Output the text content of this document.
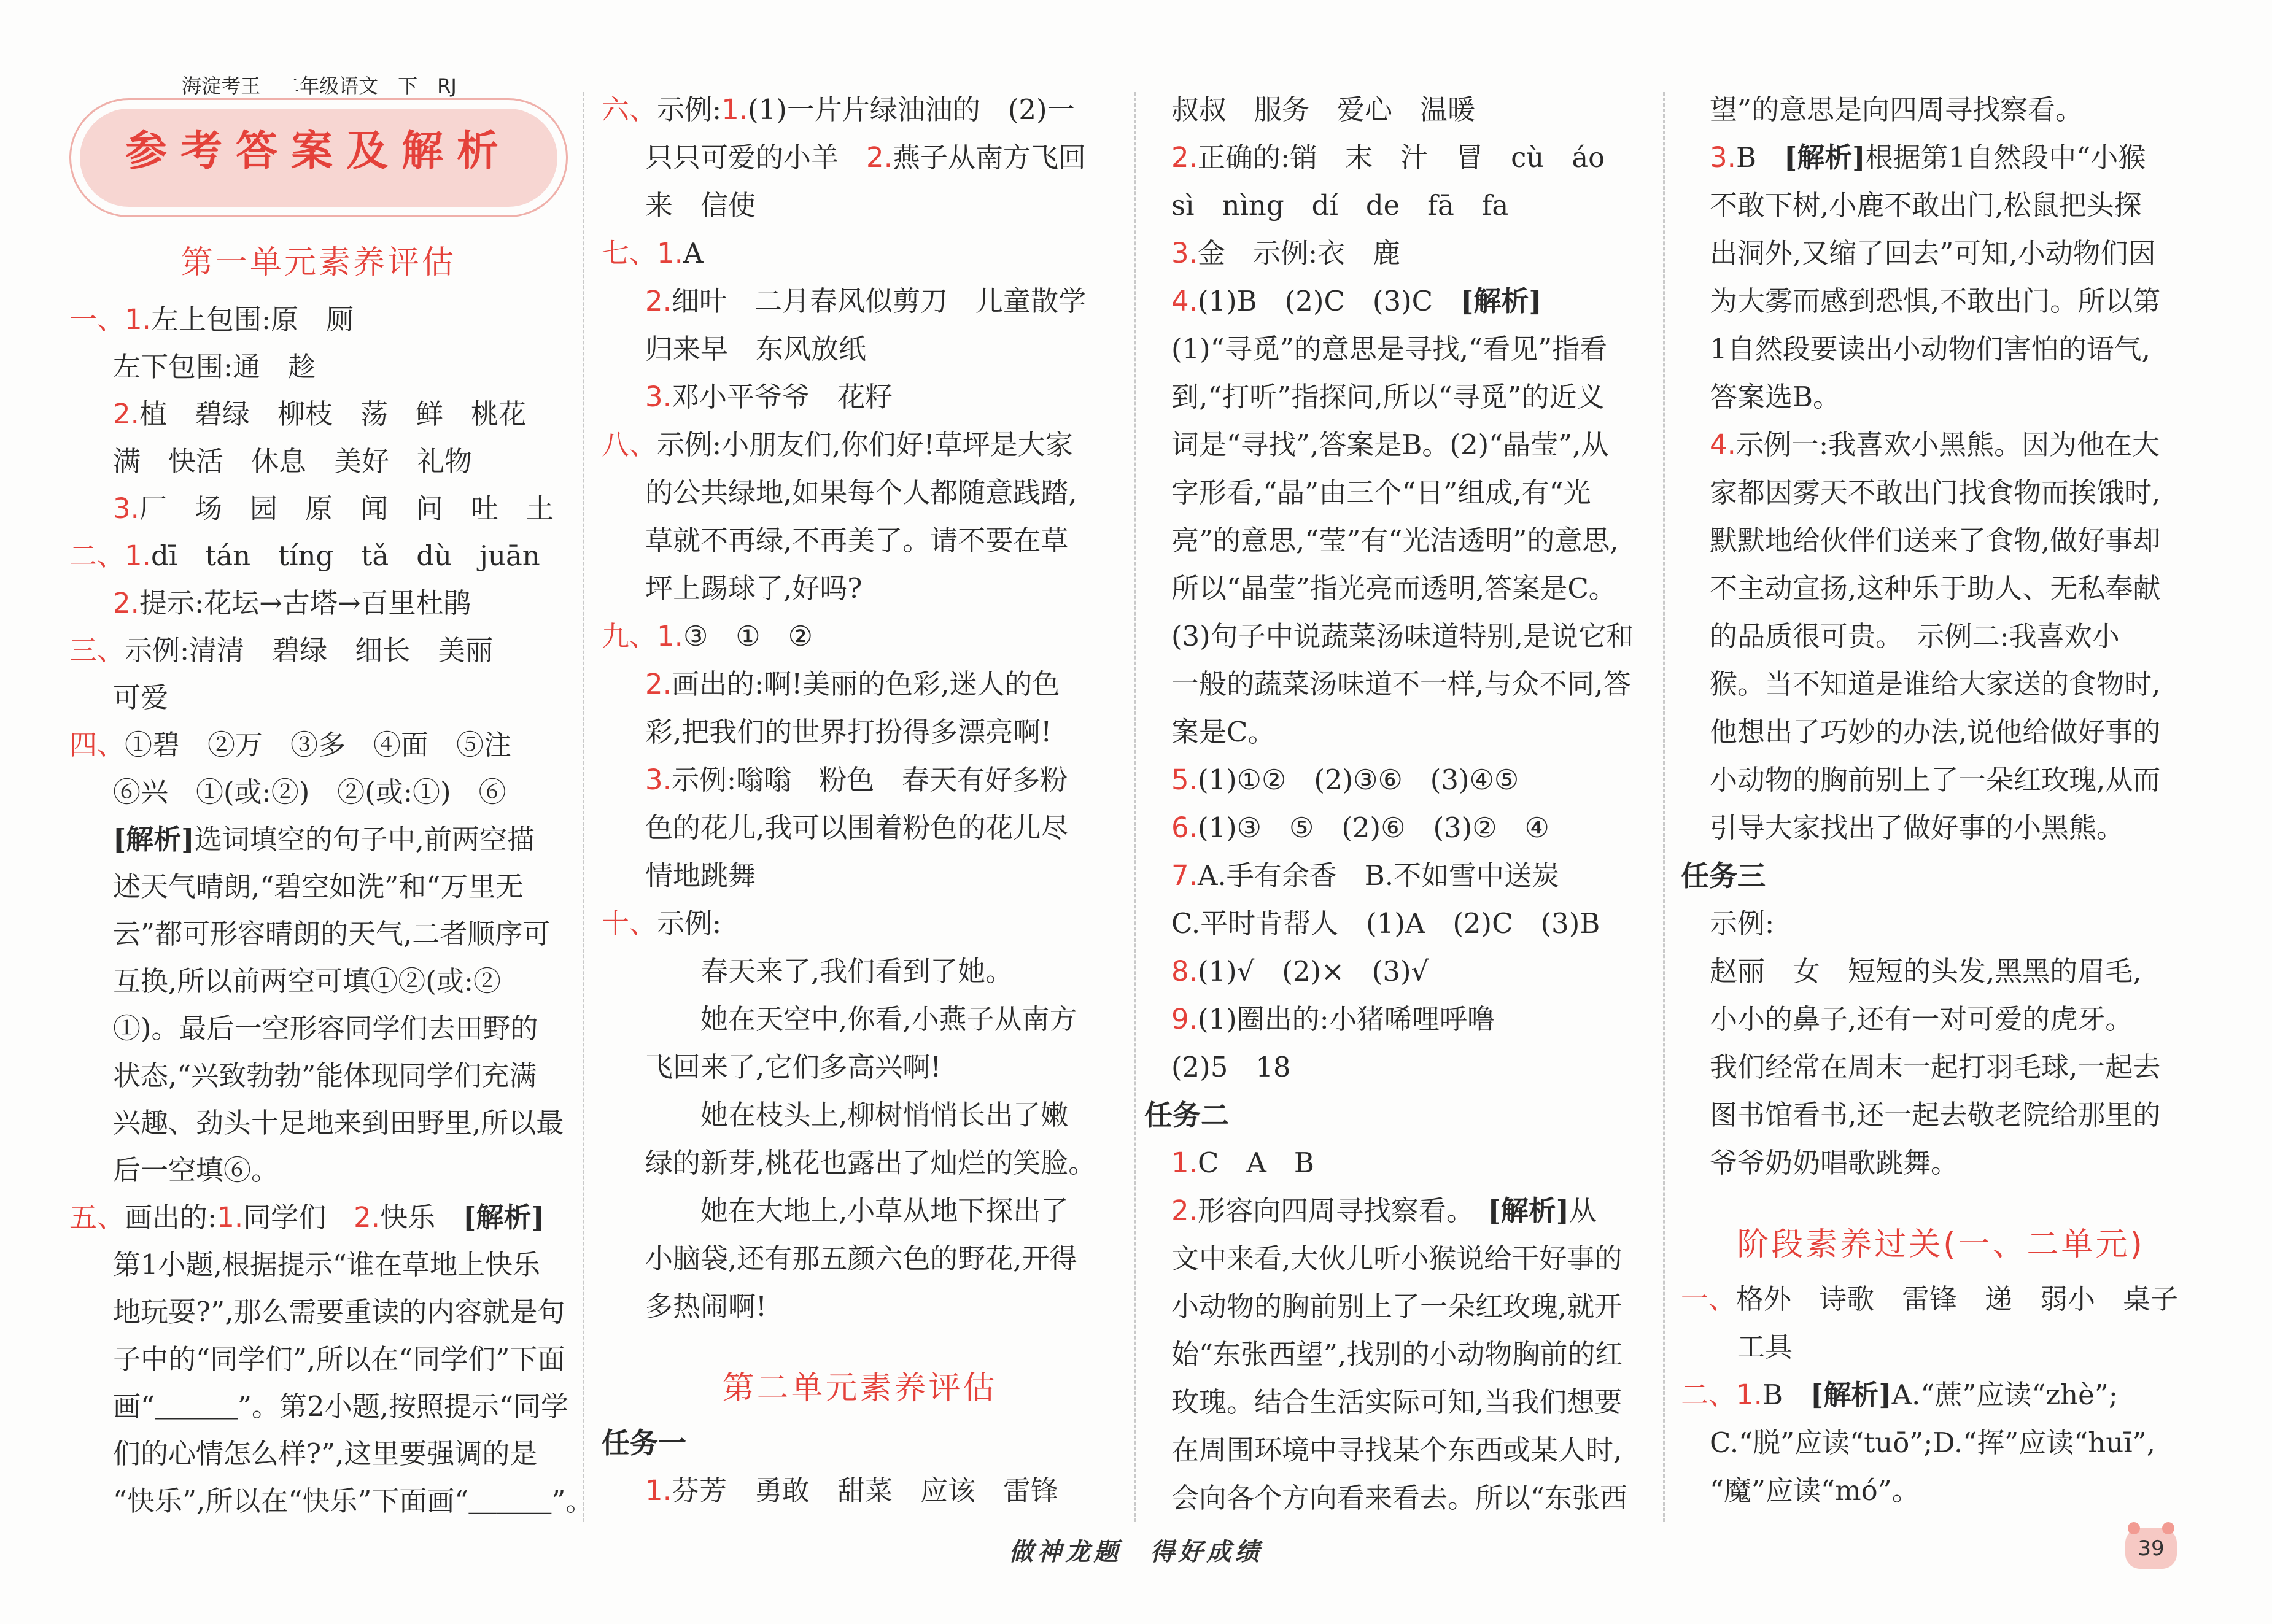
海淀考王　二年级语文　下　RJ
参考答案及解析
第一单元素养评估
一、1.左上包围:原　厕
左下包围:通　趁
2.植　碧绿　柳枝　荡　鲜　桃花
满　快活　休息　美好　礼物
3.厂　场　园　原　闻　问　吐　土
二、1.dī　tán　tíng　tǎ　dù　juān
2.提示:花坛→古塔→百里杜鹃
三、示例:清清　碧绿　细长　美丽
可爱
四、①碧　②万　③多　④面　⑤注
⑥兴　①(或:②)　②(或:①)　⑥
[解析]选词填空的句子中,前两空描
述天气晴朗,“碧空如洗”和“万里无
云”都可形容晴朗的天气,二者顺序可
互换,所以前两空可填①②(或:②
①)。最后一空形容同学们去田野的
状态,“兴致勃勃”能体现同学们充满
兴趣、劲头十足地来到田野里,所以最
后一空填⑥。
五、画出的:1.同学们　2.快乐　[解析]
第1小题,根据提示“谁在草地上快乐
地玩耍?”,那么需要重读的内容就是句
子中的“同学们”,所以在“同学们”下面
画“＿＿＿”。第2小题,按照提示“同学
们的心情怎么样?”,这里要强调的是
“快乐”,所以在“快乐”下面画“＿＿＿”。
六、示例:1.(1)一片片绿油油的　(2)一
只只可爱的小羊　2.燕子从南方飞回
来　信使
七、1.A
2.细叶　二月春风似剪刀　儿童散学
归来早　东风放纸
3.邓小平爷爷　花籽
八、示例:小朋友们,你们好!草坪是大家
的公共绿地,如果每个人都随意践踏,
草就不再绿,不再美了。请不要在草
坪上踢球了,好吗?
九、1.③　①　②
2.画出的:啊!美丽的色彩,迷人的色
彩,把我们的世界打扮得多漂亮啊!
3.示例:嗡嗡　粉色　春天有好多粉
色的花儿,我可以围着粉色的花儿尽
情地跳舞
十、示例:
　　春天来了,我们看到了她。
　　她在天空中,你看,小燕子从南方
飞回来了,它们多高兴啊!
　　她在枝头上,柳树悄悄长出了嫩
绿的新芽,桃花也露出了灿烂的笑脸。
　　她在大地上,小草从地下探出了
小脑袋,还有那五颜六色的野花,开得
多热闹啊!
第二单元素养评估
任务一
1.芬芳　勇敢　甜菜　应该　雷锋
叔叔　服务　爱心　温暖
2.正确的:销　末　汁　冒　cù　áo
sì　nìng　dí　de　fā　fa
3.金　示例:衣　鹿
4.(1)B　(2)C　(3)C　[解析]
(1)“寻觅”的意思是寻找,“看见”指看
到,“打听”指探问,所以“寻觅”的近义
词是“寻找”,答案是B。(2)“晶莹”,从
字形看,“晶”由三个“日”组成,有“光
亮”的意思,“莹”有“光洁透明”的意思,
所以“晶莹”指光亮而透明,答案是C。
(3)句子中说蔬菜汤味道特别,是说它和
一般的蔬菜汤味道不一样,与众不同,答
案是C。
5.(1)①②　(2)③⑥　(3)④⑤
6.(1)③　⑤　(2)⑥　(3)②　④
7.A.手有余香　B.不如雪中送炭
C.平时肯帮人　(1)A　(2)C　(3)B
8.(1)√　(2)×　(3)√
9.(1)圈出的:小猪唏哩呼噜
(2)5　18
任务二
1.C　A　B
2.形容向四周寻找察看。　[解析]从
文中来看,大伙儿听小猴说给干好事的
小动物的胸前别上了一朵红玫瑰,就开
始“东张西望”,找别的小动物胸前的红
玫瑰。结合生活实际可知,当我们想要
在周围环境中寻找某个东西或某人时,
会向各个方向看来看去。所以“东张西
望”的意思是向四周寻找察看。
3.B　[解析]根据第1自然段中“小猴
不敢下树,小鹿不敢出门,松鼠把头探
出洞外,又缩了回去”可知,小动物们因
为大雾而感到恐惧,不敢出门。所以第
1自然段要读出小动物们害怕的语气,
答案选B。
4.示例一:我喜欢小黑熊。因为他在大
家都因雾天不敢出门找食物而挨饿时,
默默地给伙伴们送来了食物,做好事却
不主动宣扬,这种乐于助人、无私奉献
的品质很可贵。　示例二:我喜欢小
猴。当不知道是谁给大家送的食物时,
他想出了巧妙的办法,说他给做好事的
小动物的胸前别上了一朵红玫瑰,从而
引导大家找出了做好事的小黑熊。
任务三
示例:
赵丽　女　短短的头发,黑黑的眉毛,
小小的鼻子,还有一对可爱的虎牙。
我们经常在周末一起打羽毛球,一起去
图书馆看书,还一起去敬老院给那里的
爷爷奶奶唱歌跳舞。
阶段素养过关(一、二单元)
一、格外　诗歌　雷锋　递　弱小　桌子
　工具
二、1.B　[解析]A.“蔗”应读“zhè”;
C.“脱”应读“tuō”;D.“挥”应读“huī”,
“魔”应读“mó”。
做神龙题　得好成绩	39
